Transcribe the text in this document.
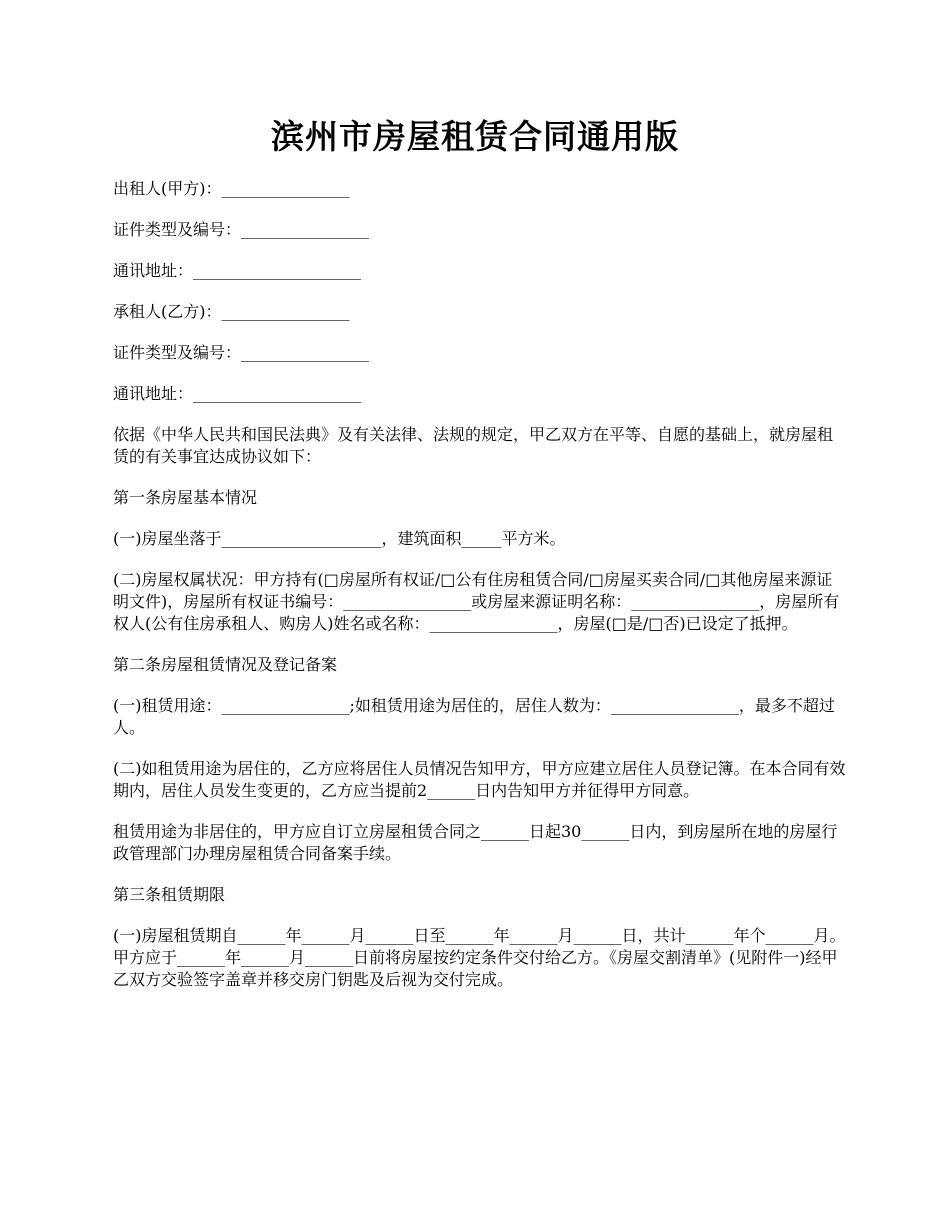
滨州市房屋租赁合同通用版

出租人(甲方)：________________

证件类型及编号：________________

通讯地址：_____________________

承租人(乙方)：________________

证件类型及编号：________________

通讯地址：_____________________

依据《中华人民共和国民法典》及有关法律、法规的规定，甲乙双方在平等、自愿的基础上，就房屋租赁的有关事宜达成协议如下：

第一条房屋基本情况

(一)房屋坐落于____________________，建筑面积_____平方米。

(二)房屋权属状况：甲方持有(□房屋所有权证/□公有住房租赁合同/□房屋买卖合同/□其他房屋来源证明文件)，房屋所有权证书编号：________________或房屋来源证明名称：________________，房屋所有权人(公有住房承租人、购房人)姓名或名称：________________，房屋(□是/□否)已设定了抵押。

第二条房屋租赁情况及登记备案

(一)租赁用途：________________;如租赁用途为居住的，居住人数为：________________，最多不超过人。

(二)如租赁用途为居住的，乙方应将居住人员情况告知甲方，甲方应建立居住人员登记簿。在本合同有效期内，居住人员发生变更的，乙方应当提前2______日内告知甲方并征得甲方同意。

租赁用途为非居住的，甲方应自订立房屋租赁合同之______日起30______日内，到房屋所在地的房屋行政管理部门办理房屋租赁合同备案手续。

第三条租赁期限

(一)房屋租赁期自______年______月______日至______年______月______日，共计______年个______月。甲方应于______年______月______日前将房屋按约定条件交付给乙方。《房屋交割清单》(见附件一)经甲乙双方交验签字盖章并移交房门钥匙及后视为交付完成。
